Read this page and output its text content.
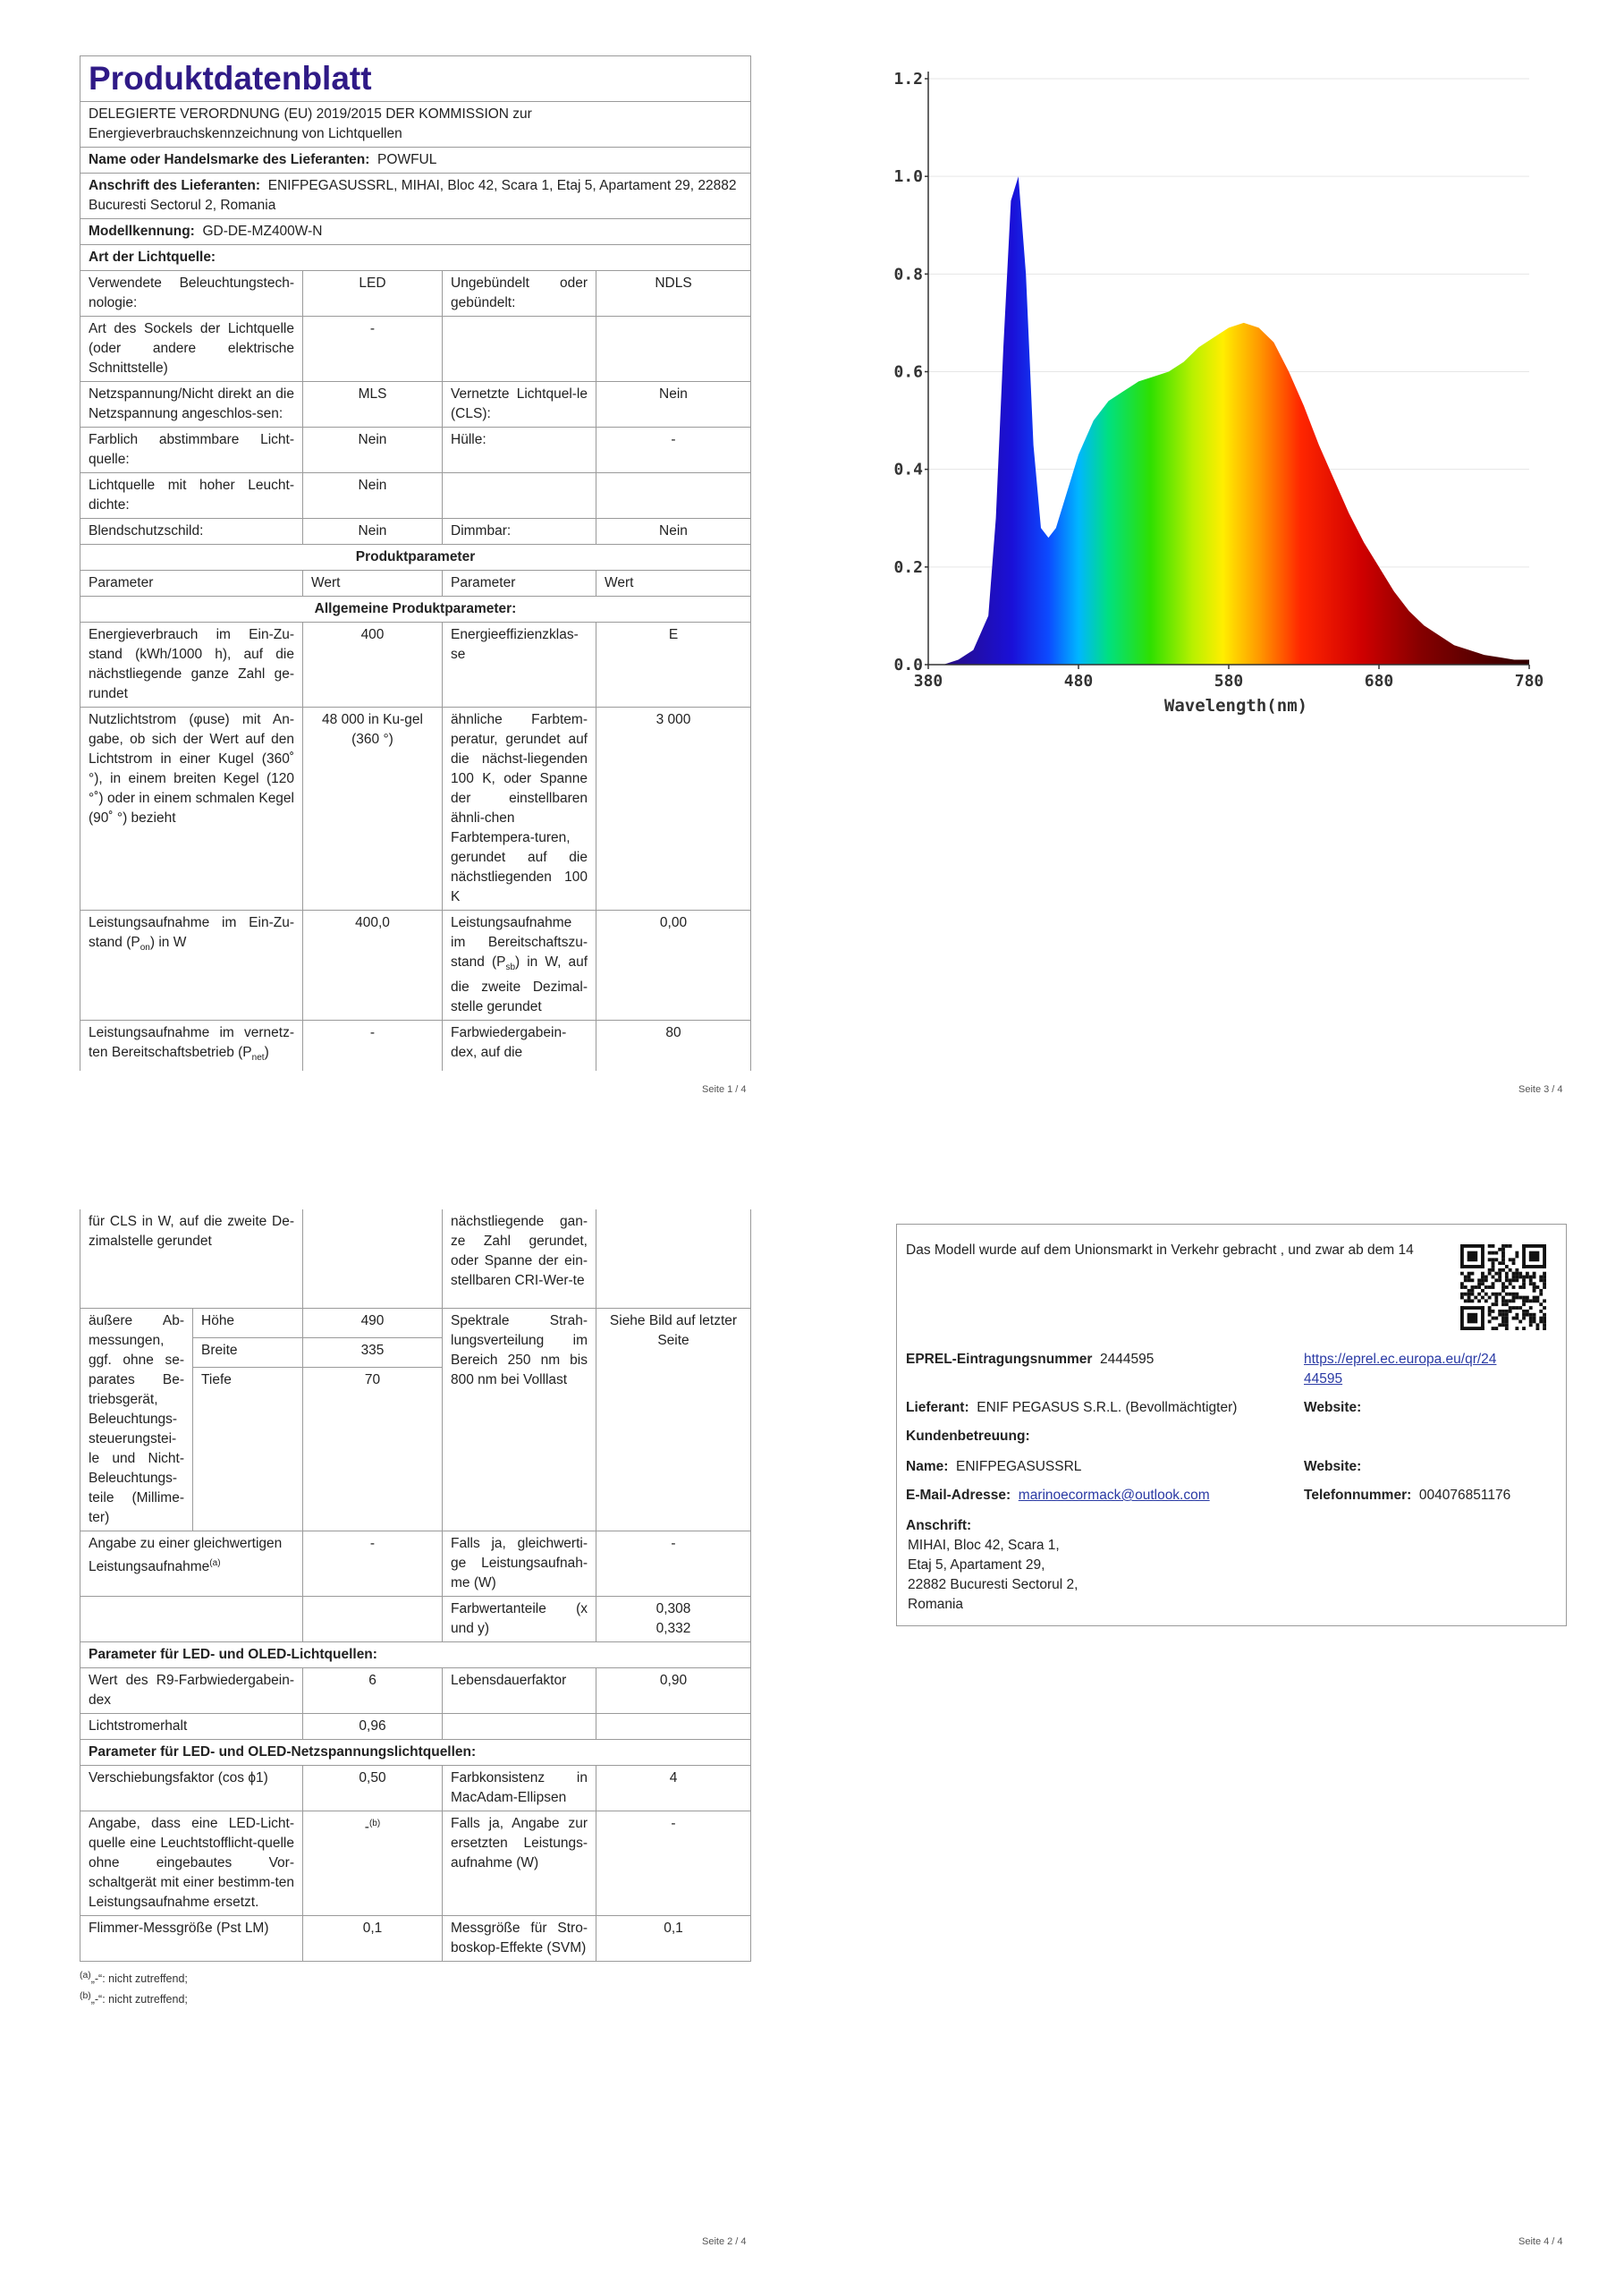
Produktdatenblatt			
DELEGIERTE VERORDNUNG (EU) 2019/2015 DER KOMMISSION zur Energieverbrauchskennzeichnung von Lichtquellen			
Name oder Handelsmarke des Lieferanten: POWFUL			
Anschrift des Lieferanten: ENIFPEGASUSSRL, MIHAI, Bloc 42, Scara 1, Etaj 5, Apartament 29, 22882 Bucuresti Sectorul 2, Romania			
Modellkennung: GD-DE-MZ400W-N			
Art der Lichtquelle:			
Verwendete Beleuchtungstech-nologie:	LED	Ungebündelt oder gebündelt:	NDLS
Art des Sockels der Lichtquelle (oder andere elektrische Schnittstelle)	-		
Netzspannung/Nicht direkt an die Netzspannung angeschlos-sen:	MLS	Vernetzte Lichtquel-le (CLS):	Nein
Farblich abstimmbare Licht-quelle:	Nein	Hülle:	-
Lichtquelle mit hoher Leucht-dichte:	Nein		
Blendschutzschild:	Nein	Dimmbar:	Nein
Produktparameter			
Parameter	Wert	Parameter	Wert
Allgemeine Produktparameter:			
Energieverbrauch im Ein-Zu-stand (kWh/1000 h), auf die nächstliegende ganze Zahl ge-rundet	400	Energieeffizienzklas-se	E
Nutzlichtstrom (φuse) mit An-gabe, ob sich der Wert auf den Lichtstrom in einer Kugel (360˚ °), in einem breiten Kegel (120 °˚) oder in einem schmalen Kegel (90˚ °) bezieht	48 000 in Ku-gel (360 °)	ähnliche Farbtem-peratur, gerundet auf die nächst-liegenden 100 K, oder Spanne der einstellbaren ähnli-chen Farbtempera-turen, gerundet auf die nächstliegenden 100 K	3 000
Leistungsaufnahme im Ein-Zu-stand $(P_{on})$ in W	400,0	Leistungsaufnahme im Bereitschaftszu-stand $(P_{sb})$ in W, auf die zweite Dezimal-stelle gerundet	0,00
Leistungsaufnahme im vernetz-ten Bereitschaftsbetrieb $(P_{net})$	-	Farbwiedergabein-dex, auf die	80
Seite 1 / 4
0.0
0.2
0.4
0.6
0.8
1.0
1.2
380	480	580	680	780
Wavelength(nm)
Seite 3 / 4
für CLS in W, auf die zweite De-zimalstelle gerundet			nächstliegende gan-ze Zahl gerundet, oder Spanne der ein-stellbaren CRI-Wer-te	
äußere Ab-messungen, ggf. ohne se-parates Be-triebsgerät, Beleuchtungs-steuerungstei-le und Nicht-Beleuchtungs-teile (Millime-ter)	Höhe	490	Spektrale Strah-lungsverteilung im Bereich 250 nm bis 800 nm bei Volllast	Siehe Bild auf letzter Seite
	Breite	335		
	Tiefe	70		
Angabe zu einer gleichwertigen Leistungsaufnahme$^{(a)}$		-	Falls ja, gleichwerti-ge Leistungsaufnah-me (W)	-
			Farbwertanteile (x und y)	0,308
0,332

Parameter für LED- und OLED-Lichtquellen:				
Wert des R9-Farbwiedergabein-dex		6	Lebensdauerfaktor	0,90
Lichtstromerhalt		0,96		
Parameter für LED- und OLED-Netzspannungslichtquellen:				
Verschiebungsfaktor (cos ϕ1)		0,50	Farbkonsistenz in MacAdam-Ellipsen	4
Angabe, dass eine LED-Licht-quelle eine Leuchtstofflicht-quelle ohne eingebautes Vor-schaltgerät mit einer bestimm-ten Leistungsaufnahme ersetzt.		-$^{(b)}$	Falls ja, Angabe zur ersetzten Leistungs-aufnahme (W)	-
Flimmer-Messgröße (Pst LM)		0,1	Messgröße für Stro-boskop-Effekte (SVM)	0,1
$^{(a)}$„-“: nicht zutreffend;
$^{(b)}$„-“: nicht zutreffend;
Seite 2 / 4
Das Modell wurde auf dem Unionsmarkt in Verkehr gebracht , und zwar ab dem 14
EPREL-Eintragungsnummer 2444595	https://eprel.ec.europa.eu/qr/24
44595
Lieferant: ENIF PEGASUS S.R.L. (Bevollmächtigter)	Website:
Kundenbetreuung:
Name: ENIFPEGASUSSRL	Website:
E-Mail-Adresse: marinoecormack@outlook.com	Telefonnummer: 004076851176
Anschrift:
MIHAI, Bloc 42, Scara 1,
Etaj 5, Apartament 29,
22882 Bucuresti Sectorul 2,
Romania
Seite 4 / 4
